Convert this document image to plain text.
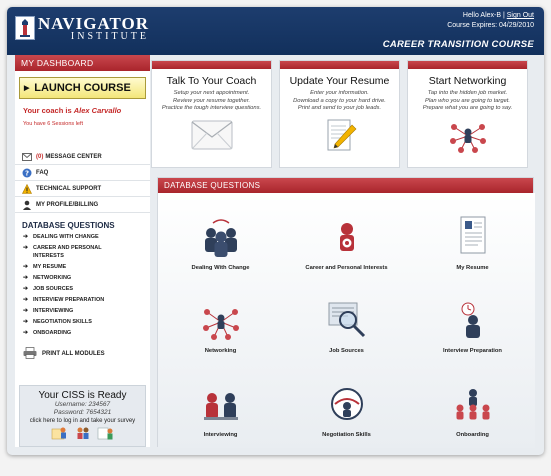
NAVIGATOR
INSTITUTE
Hello Alex-B | Sign Out
Course Expires: 04/29/2010
CAREER TRANSITION COURSE
MY DASHBOARD
▶ LAUNCH COURSE
Your coach is Alex Carvallo
You have 6 Sessions left
(0) MESSAGE CENTER
? FAQ
TECHNICAL SUPPORT
MY PROFILE/BILLING
DATABASE QUESTIONS
➔ DEALING WITH CHANGE
➔ CAREER AND PERSONAL INTERESTS
➔ MY RESUME
➔ NETWORKING
➔ JOB SOURCES
➔ INTERVIEW PREPARATION
➔ INTERVIEWING
➔ NEGOTIATION SKILLS
➔ ONBOARDING
PRINT ALL MODULES
Your CISS is Ready
Username: 234567
Password: 7654321
click here to log in and take your survey
Talk To Your Coach
Setup your next appointment.
Review your resume together.
Practice the tough interview questions.
Update Your Resume
Enter your information.
Download a copy to your hard drive.
Print and send to your job leads.
Start Networking
Tap into the hidden job market.
Plan who you are going to target.
Prepare what you are going to say.
DATABASE QUESTIONS
Dealing With Change	Career and Personal Interests	My Resume
Networking	Job Sources	Interview Preparation
Interviewing	Negotiation Skills	Onboarding
